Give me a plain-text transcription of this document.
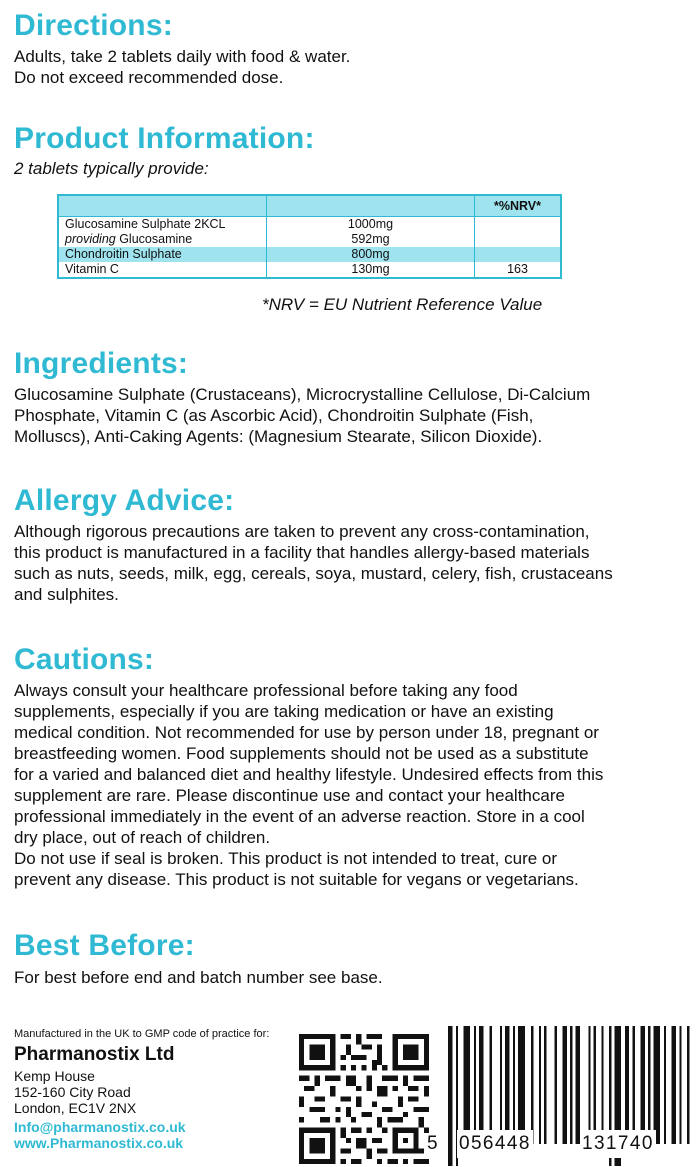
Directions:
Adults, take 2 tablets daily with food & water.
Do not exceed recommended dose.
Product Information:
2 tablets typically provide:
*%NRV*
Glucosamine Sulphate 2KCL	1000mg
providing Glucosamine	592mg
Chondroitin Sulphate	800mg
Vitamin C	130mg	163
*NRV = EU Nutrient Reference Value
Ingredients:
Glucosamine Sulphate (Crustaceans), Microcrystalline Cellulose, Di-Calcium
Phosphate, Vitamin C (as Ascorbic Acid), Chondroitin Sulphate (Fish,
Molluscs), Anti-Caking Agents: (Magnesium Stearate, Silicon Dioxide).
Allergy Advice:
Although rigorous precautions are taken to prevent any cross-contamination,
this product is manufactured in a facility that handles allergy-based materials
such as nuts, seeds, milk, egg, cereals, soya, mustard, celery, fish, crustaceans
and sulphites.
Cautions:
Always consult your healthcare professional before taking any food
supplements, especially if you are taking medication or have an existing
medical condition. Not recommended for use by person under 18, pregnant or
breastfeeding women. Food supplements should not be used as a substitute
for a varied and balanced diet and healthy lifestyle. Undesired effects from this
supplement are rare. Please discontinue use and contact your healthcare
professional immediately in the event of an adverse reaction. Store in a cool
dry place, out of reach of children.
Do not use if seal is broken. This product is not intended to treat, cure or
prevent any disease. This product is not suitable for vegans or vegetarians.
Best Before:
For best before end and batch number see base.
Manufactured in the UK to GMP code of practice for:
Pharmanostix Ltd
Kemp House
152-160 City Road
London, EC1V 2NX
Info@pharmanostix.co.uk
www.Pharmanostix.co.uk	5 056448	131740
